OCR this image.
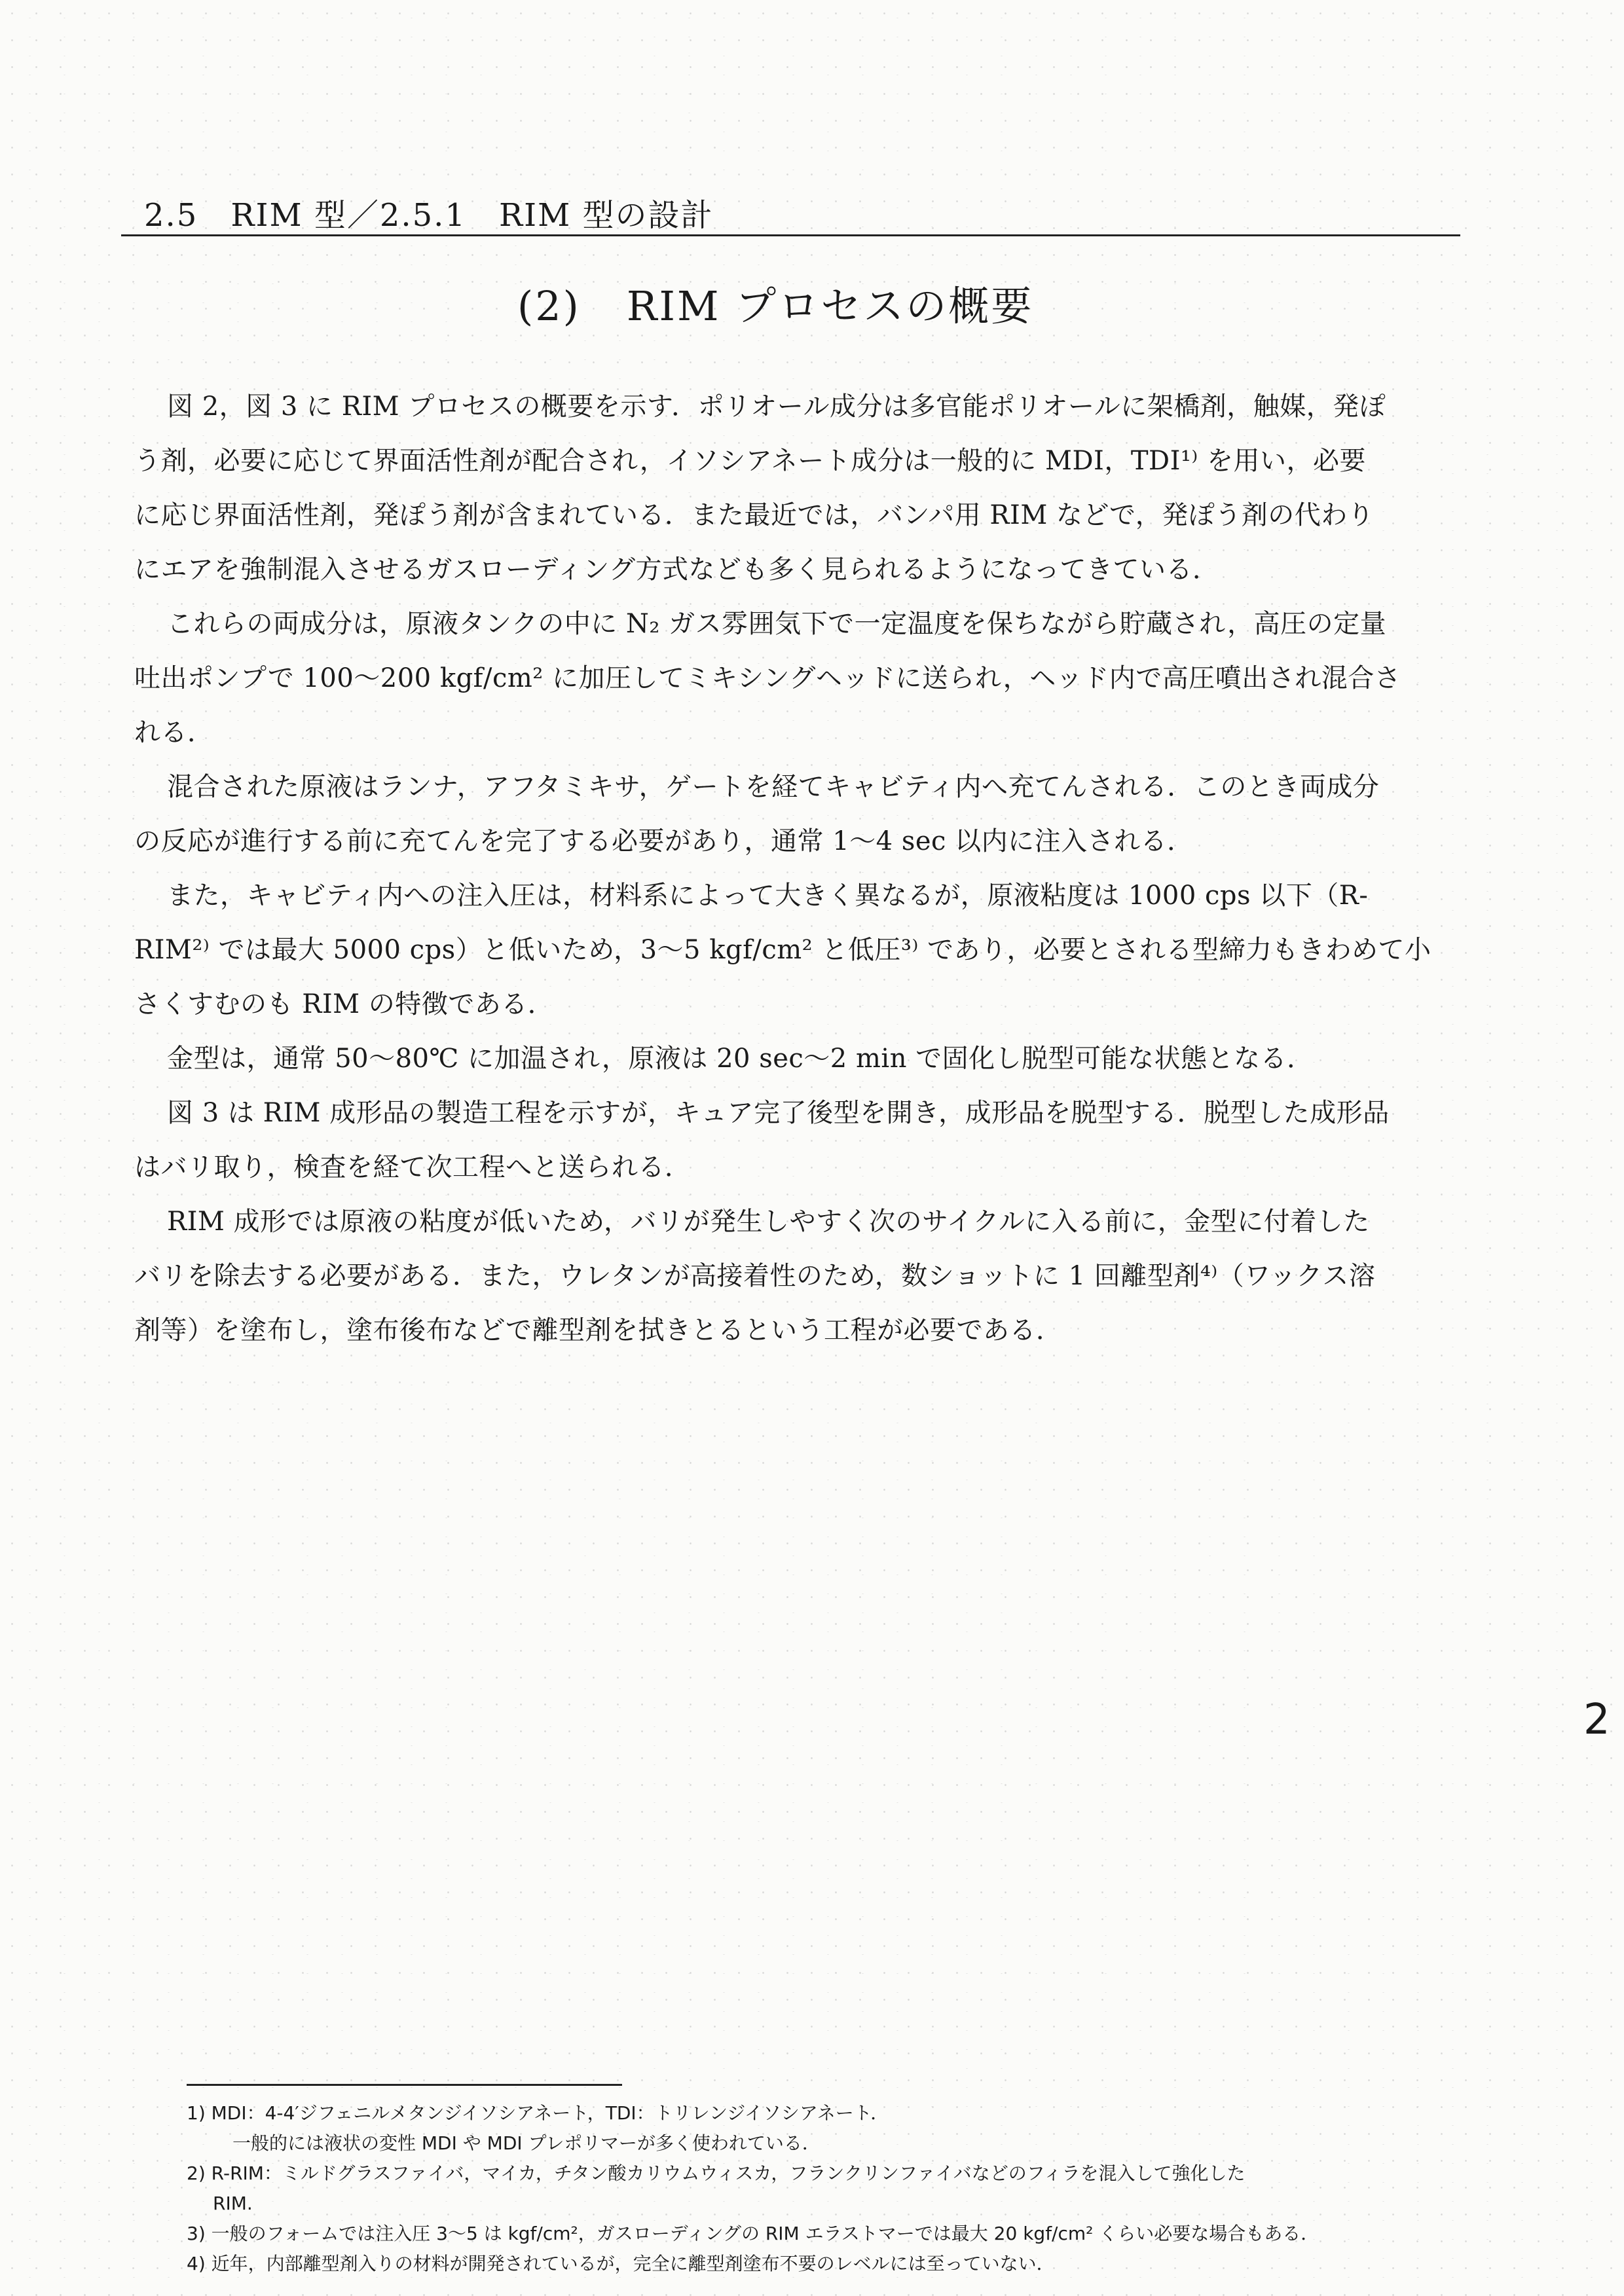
2.5　RIM 型／2.5.1　RIM 型の設計
(2) RIM プロセスの概要
図 2，図 3 に RIM プロセスの概要を示す．ポリオール成分は多官能ポリオールに架橋剤，触媒，発ぽ
う剤，必要に応じて界面活性剤が配合され，イソシアネート成分は一般的に MDI，TDI¹⁾ を用い，必要
に応じ界面活性剤，発ぽう剤が含まれている．また最近では，バンパ用 RIM などで，発ぽう剤の代わり
にエアを強制混入させるガスローディング方式なども多く見られるようになってきている．
これらの両成分は，原液タンクの中に N₂ ガス雰囲気下で一定温度を保ちながら貯蔵され，高圧の定量
吐出ポンプで 100～200 kgf/cm² に加圧してミキシングヘッドに送られ，ヘッド内で高圧噴出され混合さ
れる．
混合された原液はランナ，アフタミキサ，ゲートを経てキャビティ内へ充てんされる．このとき両成分
の反応が進行する前に充てんを完了する必要があり，通常 1～4 sec 以内に注入される．
また，キャビティ内への注入圧は，材料系によって大きく異なるが，原液粘度は 1000 cps 以下（R-
RIM²⁾ では最大 5000 cps）と低いため，3～5 kgf/cm² と低圧³⁾ であり，必要とされる型締力もきわめて小
さくすむのも RIM の特徴である．
金型は，通常 50～80℃ に加温され，原液は 20 sec～2 min で固化し脱型可能な状態となる．
図 3 は RIM 成形品の製造工程を示すが，キュア完了後型を開き，成形品を脱型する．脱型した成形品
はバリ取り，検査を経て次工程へと送られる．
RIM 成形では原液の粘度が低いため，バリが発生しやすく次のサイクルに入る前に，金型に付着した
バリを除去する必要がある．また，ウレタンが高接着性のため，数ショットに 1 回離型剤⁴⁾（ワックス溶
剤等）を塗布し，塗布後布などで離型剤を拭きとるという工程が必要である．
2
1) MDI：4-4′ジフェニルメタンジイソシアネート，TDI：トリレンジイソシアネート．
一般的には液状の変性 MDI や MDI プレポリマーが多く使われている．
2) R-RIM：ミルドグラスファイバ，マイカ，チタン酸カリウムウィスカ，フランクリンファイバなどのフィラを混入して強化した
RIM.
3) 一般のフォームでは注入圧 3～5 は kgf/cm²，ガスローディングの RIM エラストマーでは最大 20 kgf/cm² くらい必要な場合もある．
4) 近年，内部離型剤入りの材料が開発されているが，完全に離型剤塗布不要のレベルには至っていない．
